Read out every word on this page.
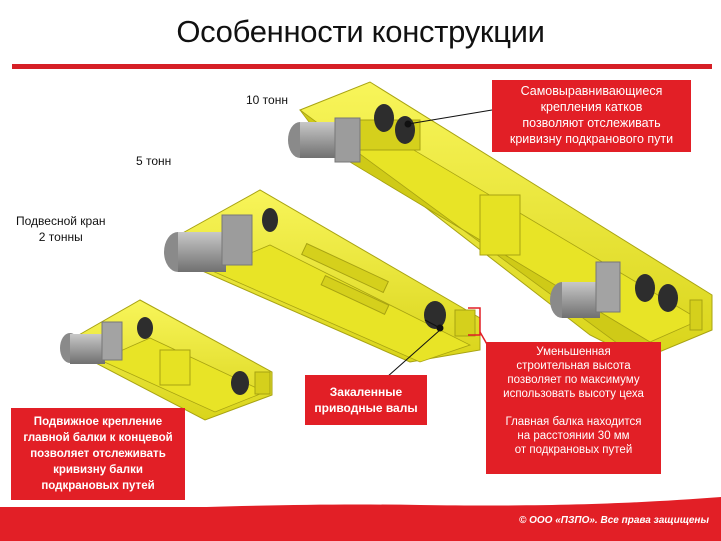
Особенности конструкции
10 тонн
5 тонн
Подвесной кран
2 тонны
Самовыравнивающиеся
крепления катков
позволяют отслеживать
кривизну подкранового пути
Уменьшенная
строительная высота
позволяет по максимуму
использовать высоту цеха
Главная балка находится
на расстоянии 30 мм
от подкрановых путей
Закаленные
приводные валы
Подвижное крепление
главной балки к концевой
позволяет отслеживать
кривизну балки
подкрановых путей
© ООО «ПЗПО». Все права защищены
